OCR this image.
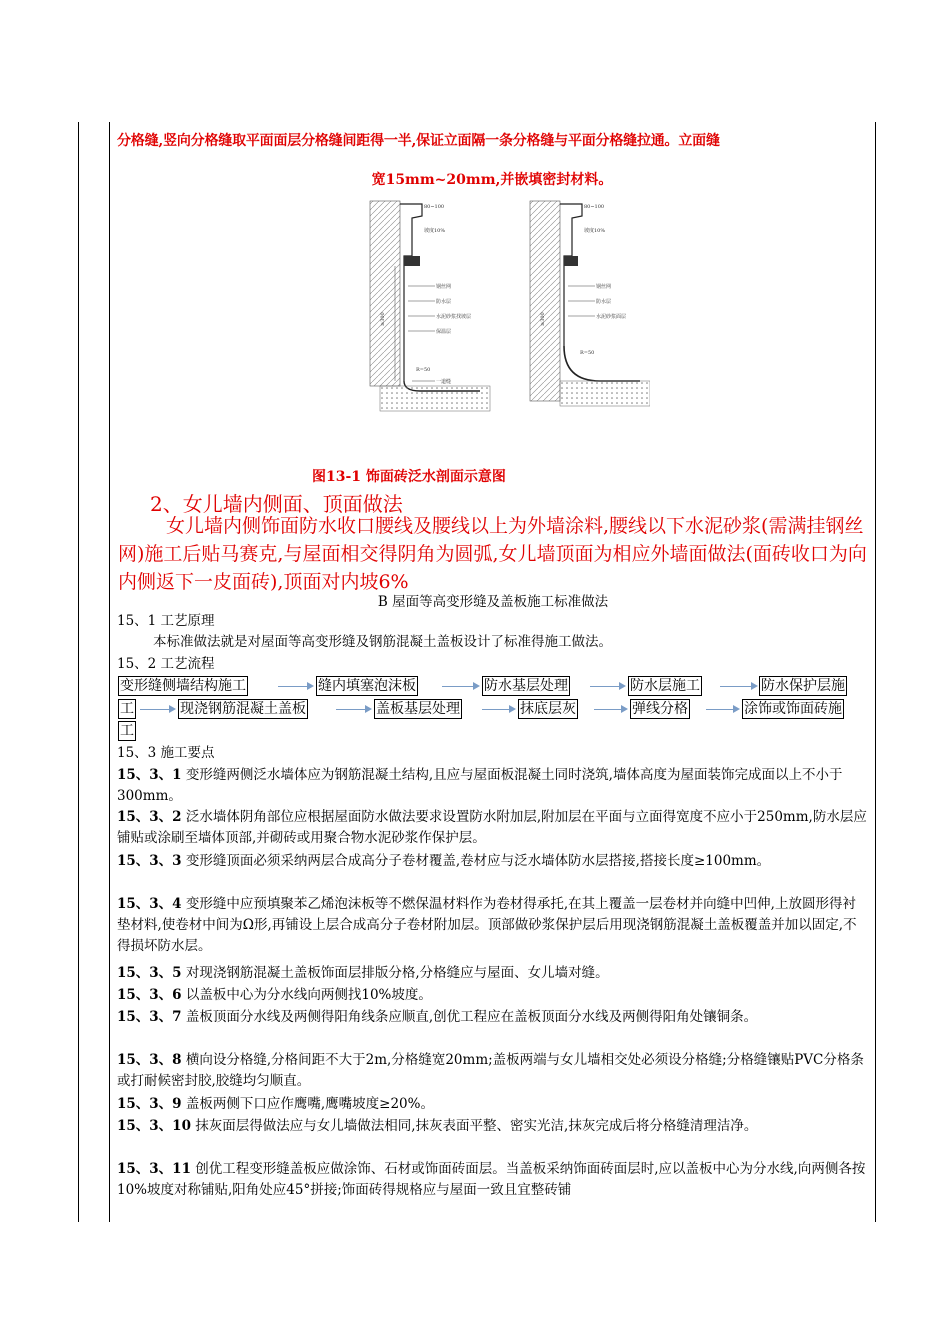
分格缝,竖向分格缝取平面面层分格缝间距得一半,保证立面隔一条分格缝与平面分格缝拉通。立面缝
宽15mm~20mm,并嵌填密封材料。
80~100
坡度10%
钢丝网
防水层
水泥砂浆找坡层
保温层
≥300
R=50
一道缝
80~100
坡度10%
钢丝网
防水层
水泥砂浆面层
≥300
R=50
图13-1 饰面砖泛水剖面示意图
2、女儿墙内侧面、顶面做法
女儿墙内侧饰面防水收口腰线及腰线以上为外墙涂料,腰线以下水泥砂浆(需满挂钢丝网)施工后贴马赛克,与屋面相交得阴角为圆弧,女儿墙顶面为相应外墙面做法(面砖收口为向内侧返下一皮面砖),顶面对内坡6%
B 屋面等高变形缝及盖板施工标准做法
15、1 工艺原理
本标准做法就是对屋面等高变形缝及钢筋混凝土盖板设计了标准得施工做法。
15、2 工艺流程
变形缝侧墙结构施工	缝内填塞泡沫板	防水基层处理	防水层施工	防水保护层施
工	现浇钢筋混凝土盖板	盖板基层处理	抹底层灰	弹线分格	涂饰或饰面砖施
工
15、3 施工要点
15、3、1 变形缝两侧泛水墙体应为钢筋混凝土结构,且应与屋面板混凝土同时浇筑,墙体高度为屋面装饰完成面以上不小于300mm。
15、3、2 泛水墙体阴角部位应根据屋面防水做法要求设置防水附加层,附加层在平面与立面得宽度不应小于250mm,防水层应铺贴或涂刷至墙体顶部,并砌砖或用聚合物水泥砂浆作保护层。
15、3、3 变形缝顶面必须采纳两层合成高分子卷材覆盖,卷材应与泛水墙体防水层搭接,搭接长度≥100mm。
15、3、4 变形缝中应预填聚苯乙烯泡沫板等不燃保温材料作为卷材得承托,在其上覆盖一层卷材并向缝中凹伸,上放圆形得衬垫材料,使卷材中间为Ω形,再铺设上层合成高分子卷材附加层。顶部做砂浆保护层后用现浇钢筋混凝土盖板覆盖并加以固定,不得损坏防水层。
15、3、5 对现浇钢筋混凝土盖板饰面层排版分格,分格缝应与屋面、女儿墙对缝。
15、3、6 以盖板中心为分水线向两侧找10%坡度。
15、3、7 盖板顶面分水线及两侧得阳角线条应顺直,创优工程应在盖板顶面分水线及两侧得阳角处镶铜条。
15、3、8 横向设分格缝,分格间距不大于2m,分格缝宽20mm;盖板两端与女儿墙相交处必须设分格缝;分格缝镶贴PVC分格条或打耐候密封胶,胶缝均匀顺直。
15、3、9 盖板两侧下口应作鹰嘴,鹰嘴坡度≥20%。
15、3、10 抹灰面层得做法应与女儿墙做法相同,抹灰表面平整、密实光洁,抹灰完成后将分格缝清理洁净。
15、3、11 创优工程变形缝盖板应做涂饰、石材或饰面砖面层。当盖板采纳饰面砖面层时,应以盖板中心为分水线,向两侧各按10%坡度对称铺贴,阳角处应45°拼接;饰面砖得规格应与屋面一致且宜整砖铺
